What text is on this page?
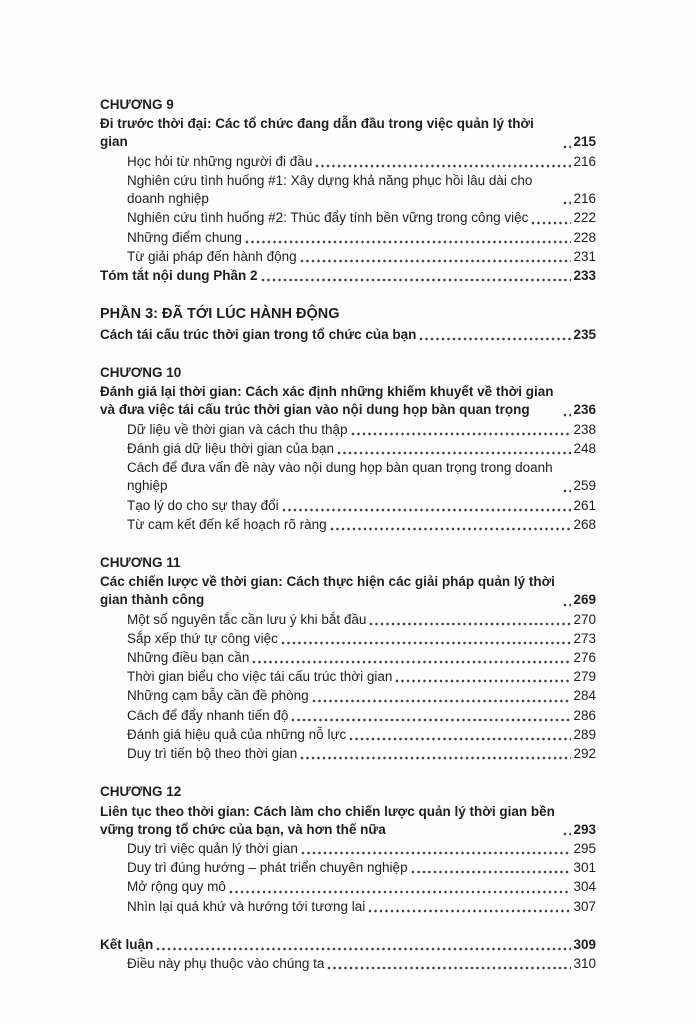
CHƯƠNG 9
Đi trước thời đại: Các tổ chức đang dẫn đầu trong việc quản lý thời gian	215
Học hỏi từ những người đi đầu	216
Nghiên cứu tình huống #1: Xây dựng khả năng phục hồi lâu dài cho doanh nghiệp	216
Nghiên cứu tình huống #2: Thúc đẩy tính bền vững trong công việc	222
Những điểm chung	228
Từ giải pháp đến hành động	231
Tóm tắt nội dung Phần 2	233
PHẦN 3: ĐÃ TỚI LÚC HÀNH ĐỘNG
Cách tái cấu trúc thời gian trong tổ chức của bạn	235
CHƯƠNG 10
Đánh giá lại thời gian: Cách xác định những khiếm khuyết về thời gian và đưa việc tái cấu trúc thời gian vào nội dung họp bàn quan trọng	236
Dữ liệu về thời gian và cách thu thập	238
Đánh giá dữ liệu thời gian của bạn	248
Cách để đưa vấn đề này vào nội dung họp bàn quan trọng trong doanh nghiệp	259
Tạo lý do cho sự thay đổi	261
Từ cam kết đến kế hoạch rõ ràng	268
CHƯƠNG 11
Các chiến lược về thời gian: Cách thực hiện các giải pháp quản lý thời gian thành công	269
Một số nguyên tắc cần lưu ý khi bắt đầu	270
Sắp xếp thứ tự công việc	273
Những điều bạn cần	276
Thời gian biểu cho việc tái cấu trúc thời gian	279
Những cạm bẫy cần đề phòng	284
Cách để đẩy nhanh tiến độ	286
Đánh giá hiệu quả của những nỗ lực	289
Duy trì tiến bộ theo thời gian	292
CHƯƠNG 12
Liên tục theo thời gian: Cách làm cho chiến lược quản lý thời gian bền vững trong tổ chức của bạn, và hơn thế nữa	293
Duy trì việc quản lý thời gian	295
Duy trì đúng hướng – phát triển chuyên nghiệp	301
Mở rộng quy mô	304
Nhìn lại quá khứ và hướng tới tương lai	307
Kết luận	309
Điều này phụ thuộc vào chúng ta	310
